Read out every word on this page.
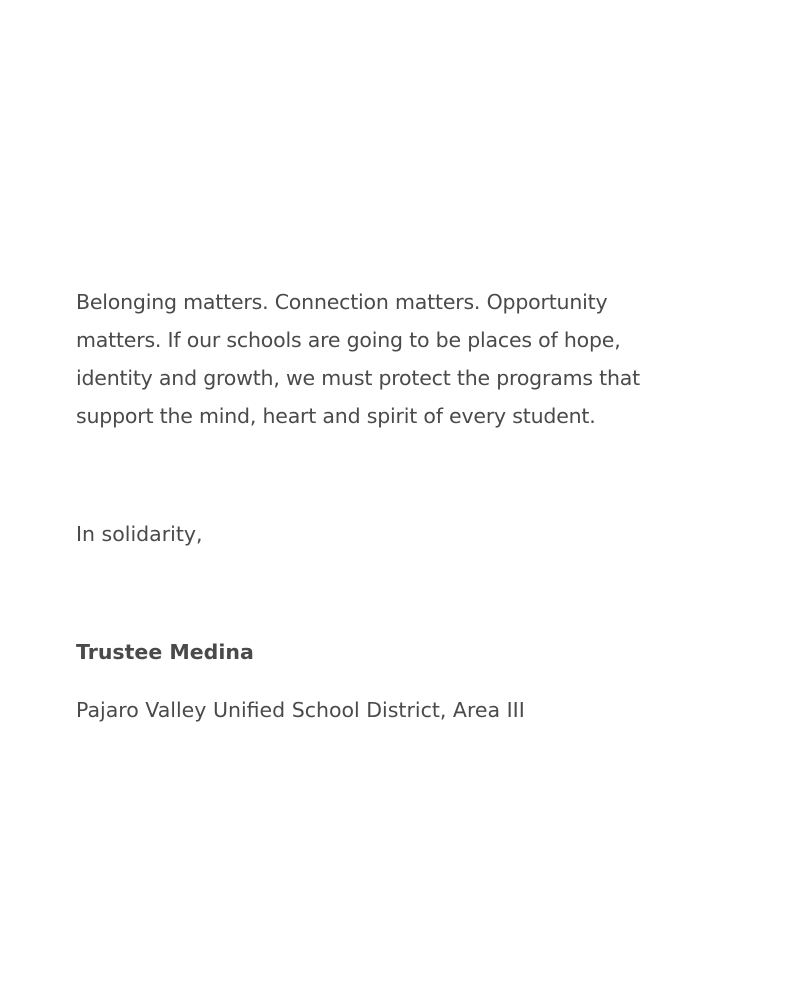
Belonging matters. Connection matters. Opportunity matters. If our schools are going to be places of hope, identity and growth, we must protect the programs that support the mind, heart and spirit of every student.

In solidarity,

Trustee Medina

Pajaro Valley Unified School District, Area III
